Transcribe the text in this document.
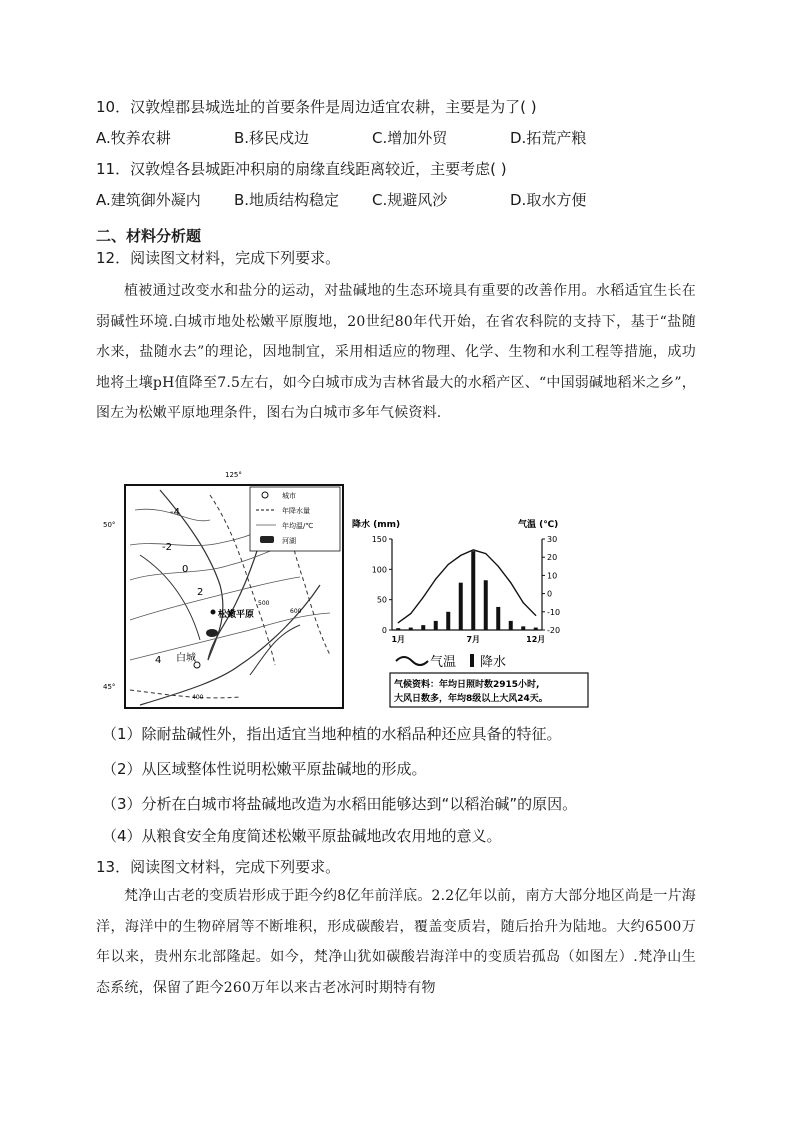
10．汉敦煌郡县城选址的首要条件是周边适宜农耕，主要是为了( )
A.牧养农耕	B.移民戍边	C.增加外贸	D.拓荒产粮
11．汉敦煌各县城距冲积扇的扇缘直线距离较近，主要考虑( )
A.建筑御外凝内 B.地质结构稳定 C.规避风沙	D.取水方便
二、材料分析题
12．阅读图文材料，完成下列要求。
植被通过改变水和盐分的运动，对盐碱地的生态环境具有重要的改善作用。水稻适宜生长在弱碱性环境.白城市地处松嫩平原腹地，20世纪80年代开始，在省农科院的支持下，基于“盐随水来，盐随水去”的理论，因地制宜，采用相适应的物理、化学、生物和水利工程等措施，成功地将土壤pH值降至7.5左右，如今白城市成为吉林省最大的水稻产区、“中国弱碱地稻米之乡”，图左为松嫩平原地理条件，图右为白城市多年气候资料.
125°
50°
45°
-4
-2
0
2
4
500
600
400
松嫩平原
白城
城市
年降水量
年均温/℃
河湖	150
100
50
0
30
20
10
0
-10
-20
1月	7月	12月
降水 (mm)	气温 (℃)
气温 降水
气候资料：年均日照时数2915小时,
大风日数多，年均8级以上大风24天。
（1）除耐盐碱性外，指出适宜当地种植的水稻品种还应具备的特征。
（2）从区域整体性说明松嫩平原盐碱地的形成。
（3）分析在白城市将盐碱地改造为水稻田能够达到“以稻治碱”的原因。
（4）从粮食安全角度简述松嫩平原盐碱地改农用地的意义。
13．阅读图文材料，完成下列要求。
梵净山古老的变质岩形成于距今约8亿年前洋底。2.2亿年以前，南方大部分地区尚是一片海洋，海洋中的生物碎屑等不断堆积，形成碳酸岩，覆盖变质岩，随后抬升为陆地。大约6500万年以来，贵州东北部隆起。如今，梵净山犹如碳酸岩海洋中的变质岩孤岛（如图左）.梵净山生态系统，保留了距今260万年以来古老冰河时期特有物
